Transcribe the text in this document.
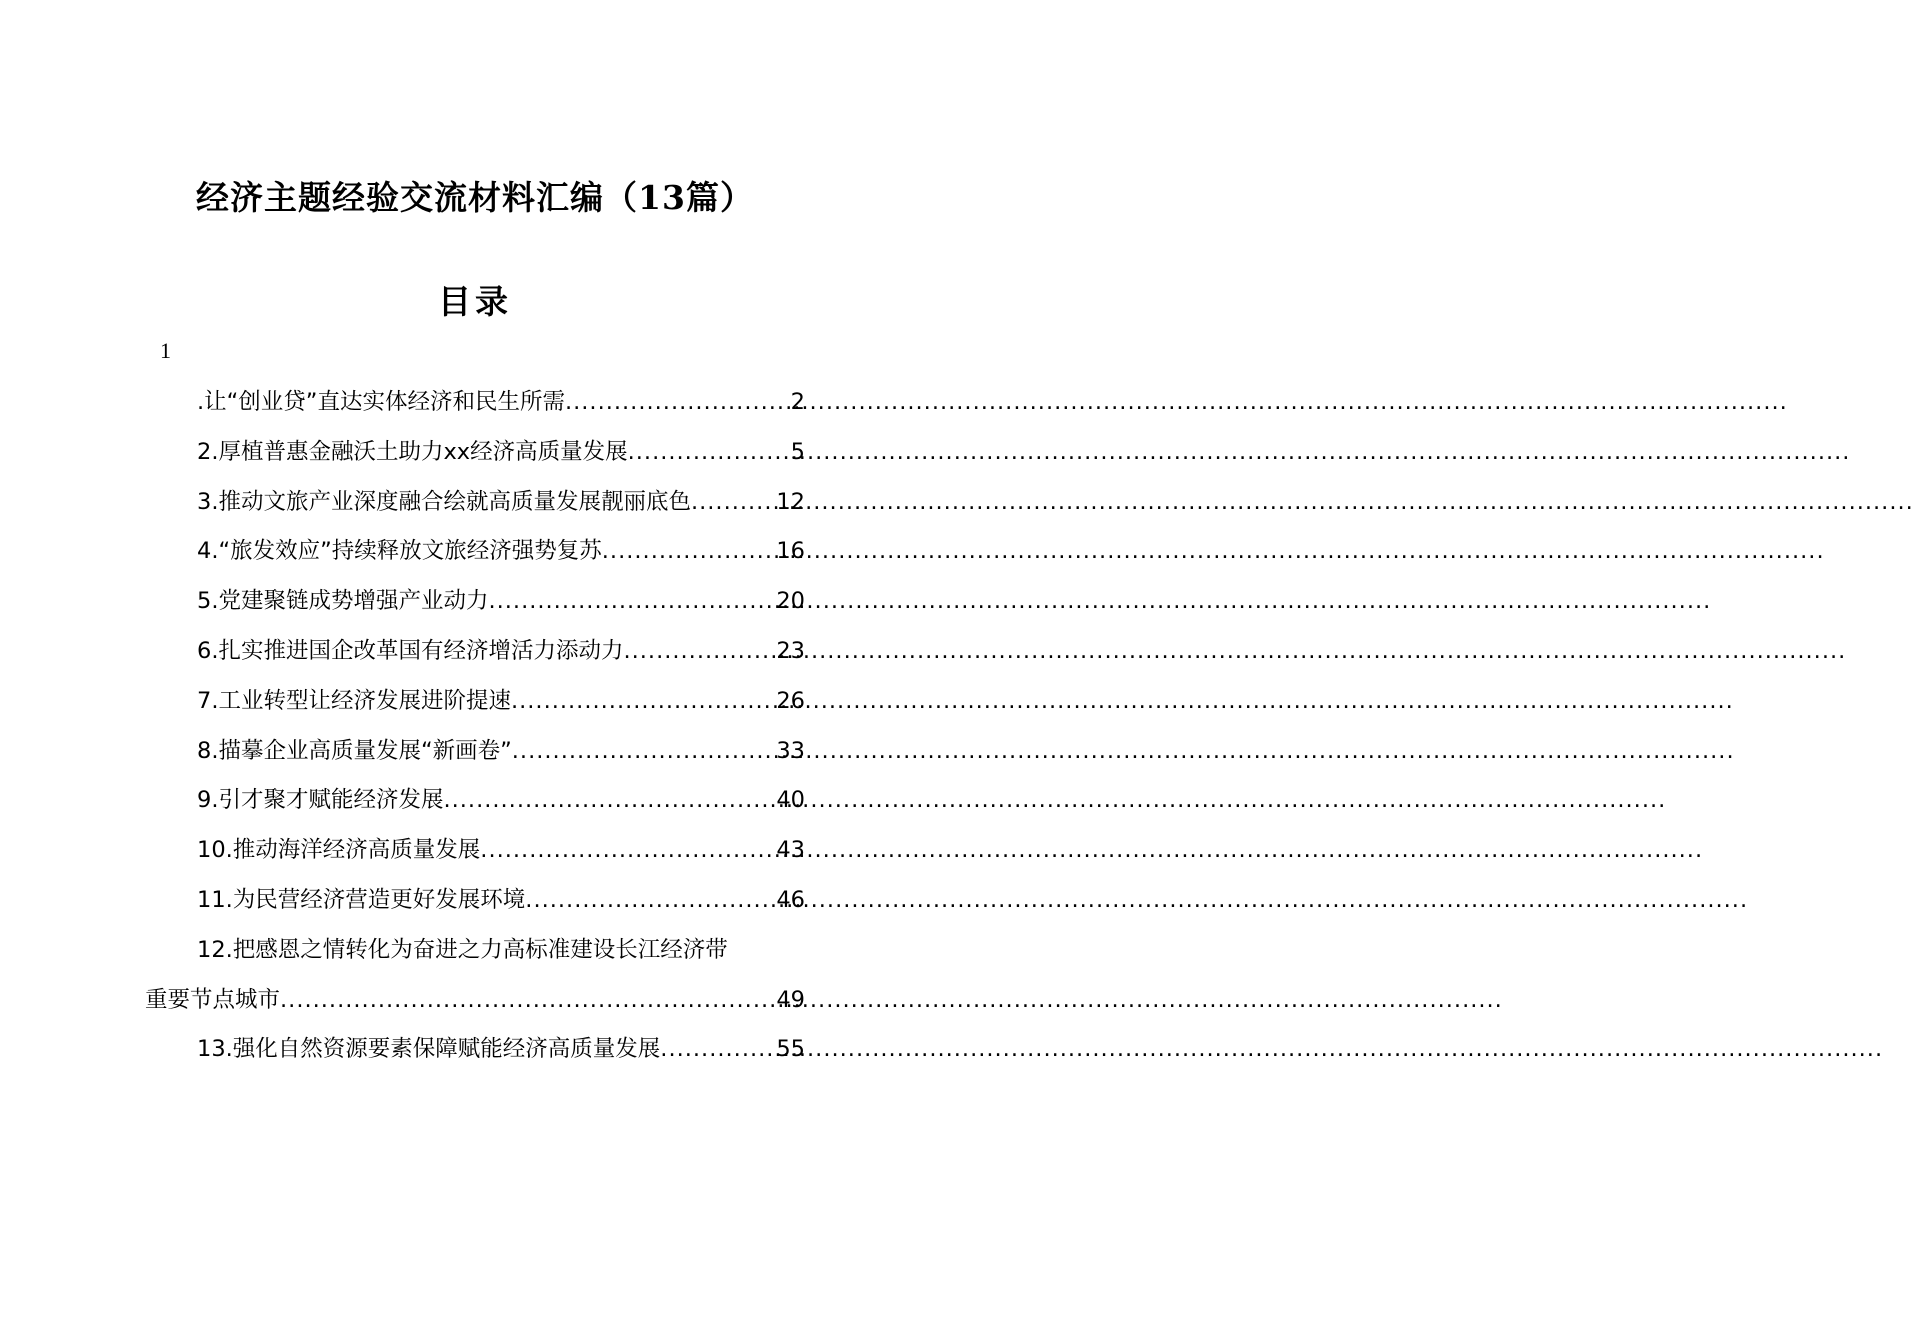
经济主题经验交流材料汇编（13篇）
目录
1
.让“创业贷”直达实体经济和民生所需 .....	2
2.厚植普惠金融沃土助力xx经济高质量发展 .....	5
3.推动文旅产业深度融合绘就高质量发展靓丽底色 .....	12
4.“旅发效应”持续释放文旅经济强势复苏 .....	16
5.党建聚链成势增强产业动力 .....	20
6.扎实推进国企改革国有经济增活力添动力 .....	23
7.工业转型让经济发展进阶提速 .....	26
8.描摹企业高质量发展“新画卷” .....	33
9.引才聚才赋能经济发展 .....	40
10.推动海洋经济高质量发展 .....	43
11.为民营经济营造更好发展环境 .....	46
12.把感恩之情转化为奋进之力高标准建设长江经济带
重要节点城市 .....	49
13.强化自然资源要素保障赋能经济高质量发展 .....	55
